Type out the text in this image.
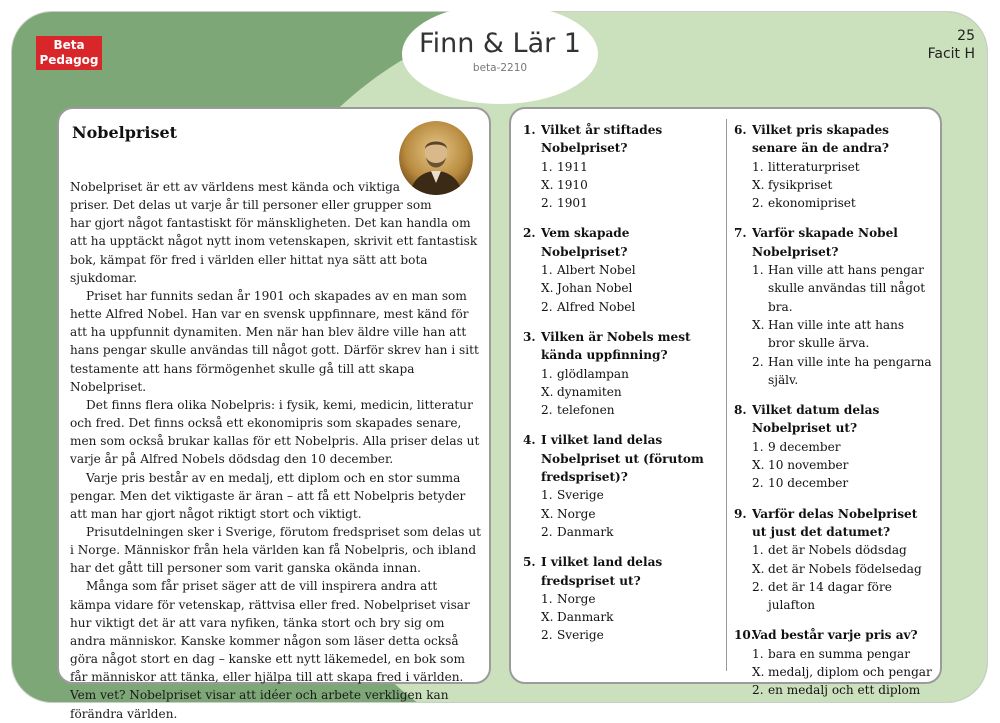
Beta
Pedagog
Finn & Lär 1
beta-2210
25
Facit H
Nobelpriset
Nobelpriset är ett av världens mest kända och viktiga
priser. Det delas ut varje år till personer eller grupper som

har gjort något fantastiskt för mänskligheten. Det kan handla om att ha upptäckt något nytt inom vetenskapen, skrivit ett fantastisk bok, kämpat för fred i världen eller hittat nya sätt att bota sjukdomar.

Priset har funnits sedan år 1901 och skapades av en man som hette Alfred Nobel. Han var en svensk uppfinnare, mest känd för att ha uppfunnit dynamiten. Men när han blev äldre ville han att hans pengar skulle användas till något gott. Därför skrev han i sitt testamente att hans förmögenhet skulle gå till att skapa Nobelpriset.

Det finns flera olika Nobelpris: i fysik, kemi, medicin, litteratur och fred. Det finns också ett ekonomipris som skapades senare, men som också brukar kallas för ett Nobelpris. Alla priser delas ut varje år på Alfred Nobels dödsdag den 10 december.

Varje pris består av en medalj, ett diplom och en stor summa pengar. Men det viktigaste är äran – att få ett Nobelpris betyder att man har gjort något riktigt stort och viktigt.

Prisutdelningen sker i Sverige, förutom fredspriset som delas ut i Norge. Människor från hela världen kan få Nobelpris, och ibland har det gått till personer som varit ganska okända innan.

Många som får priset säger att de vill inspirera andra att kämpa vidare för vetenskap, rättvisa eller fred. Nobelpriset visar hur viktigt det är att vara nyfiken, tänka stort och bry sig om andra människor. Kanske kommer någon som läser detta också göra något stort en dag – kanske ett nytt läkemedel, en bok som får människor att tänka, eller hjälpa till att skapa fred i världen. Vem vet? Nobelpriset visar att idéer och arbete verkligen kan förändra världen.

1. Vilket år stiftades Nobelpriset?
1. 1911
X. 1910
2. 1901
2. Vem skapade Nobelpriset?
1. Albert Nobel
X. Johan Nobel
2. Alfred Nobel
3. Vilken är Nobels mest kända uppfinning?
1. glödlampan
X. dynamiten
2. telefonen
4. I vilket land delas Nobelpriset ut (förutom fredspriset)?
1. Sverige
X. Norge
2. Danmark
5. I vilket land delas fredspriset ut?
1. Norge
X. Danmark
2. Sverige
6. Vilket pris skapades senare än de andra?
1. litteraturpriset
X. fysikpriset
2. ekonomipriset
7. Varför skapade Nobel Nobelpriset?
1. Han ville att hans pengar skulle användas till något bra.
X. Han ville inte att hans bror skulle ärva.
2. Han ville inte ha pengarna själv.
8. Vilket datum delas Nobelpriset ut?
1. 9 december
X. 10 november
2. 10 december
9. Varför delas Nobelpriset ut just det datumet?
1. det är Nobels dödsdag
X. det är Nobels födelsedag
2. det är 14 dagar före julafton
10.
Vad består varje pris av?
1. bara en summa pengar
X. medalj, diplom och pengar
2. en medalj och ett diplom
